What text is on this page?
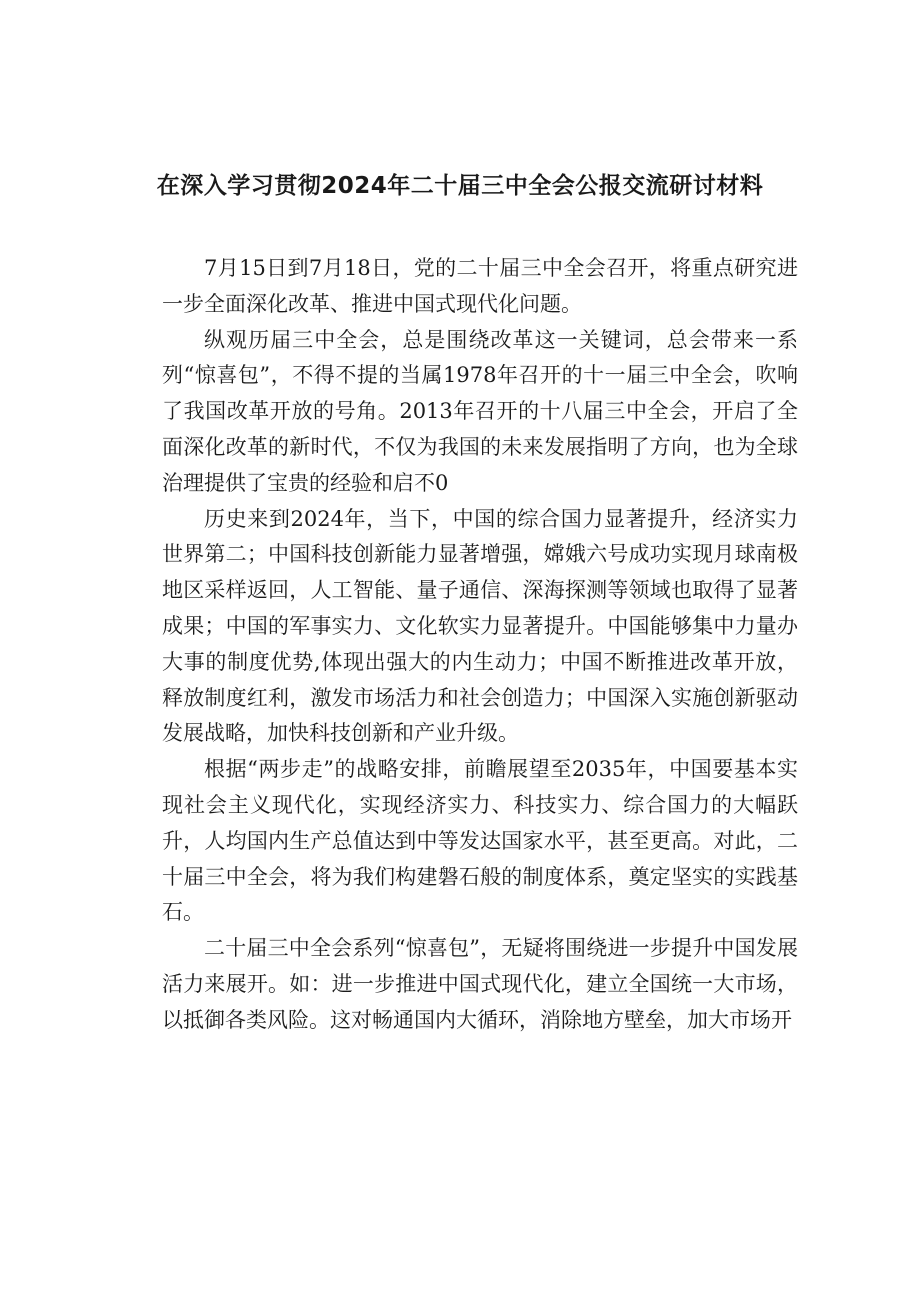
在深入学习贯彻2024年二十届三中全会公报交流研讨材料

7月15日到7月18日，党的二十届三中全会召开，将重点研究进一步全面深化改革、推进中国式现代化问题。

纵观历届三中全会，总是围绕改革这一关键词，总会带来一系列“惊喜包”，不得不提的当属1978年召开的十一届三中全会，吹响了我国改革开放的号角。2013年召开的十八届三中全会，开启了全面深化改革的新时代，不仅为我国的未来发展指明了方向，也为全球治理提供了宝贵的经验和启不0

历史来到2024年，当下，中国的综合国力显著提升，经济实力世界第二；中国科技创新能力显著增强，嫦娥六号成功实现月球南极地区采样返回，人工智能、量子通信、深海探测等领域也取得了显著成果；中国的军事实力、文化软实力显著提升。中国能够集中力量办大事的制度优势,体现出强大的内生动力；中国不断推进改革开放，释放制度红利，激发市场活力和社会创造力；中国深入实施创新驱动发展战略，加快科技创新和产业升级。

根据“两步走”的战略安排，前瞻展望至2035年，中国要基本实现社会主义现代化，实现经济实力、科技实力、综合国力的大幅跃升，人均国内生产总值达到中等发达国家水平，甚至更高。对此，二十届三中全会，将为我们构建磐石般的制度体系，奠定坚实的实践基石。

二十届三中全会系列“惊喜包”，无疑将围绕进一步提升中国发展活力来展开。如：进一步推进中国式现代化，建立全国统一大市场，以抵御各类风险。这对畅通国内大循环，消除地方壁垒，加大市场开
